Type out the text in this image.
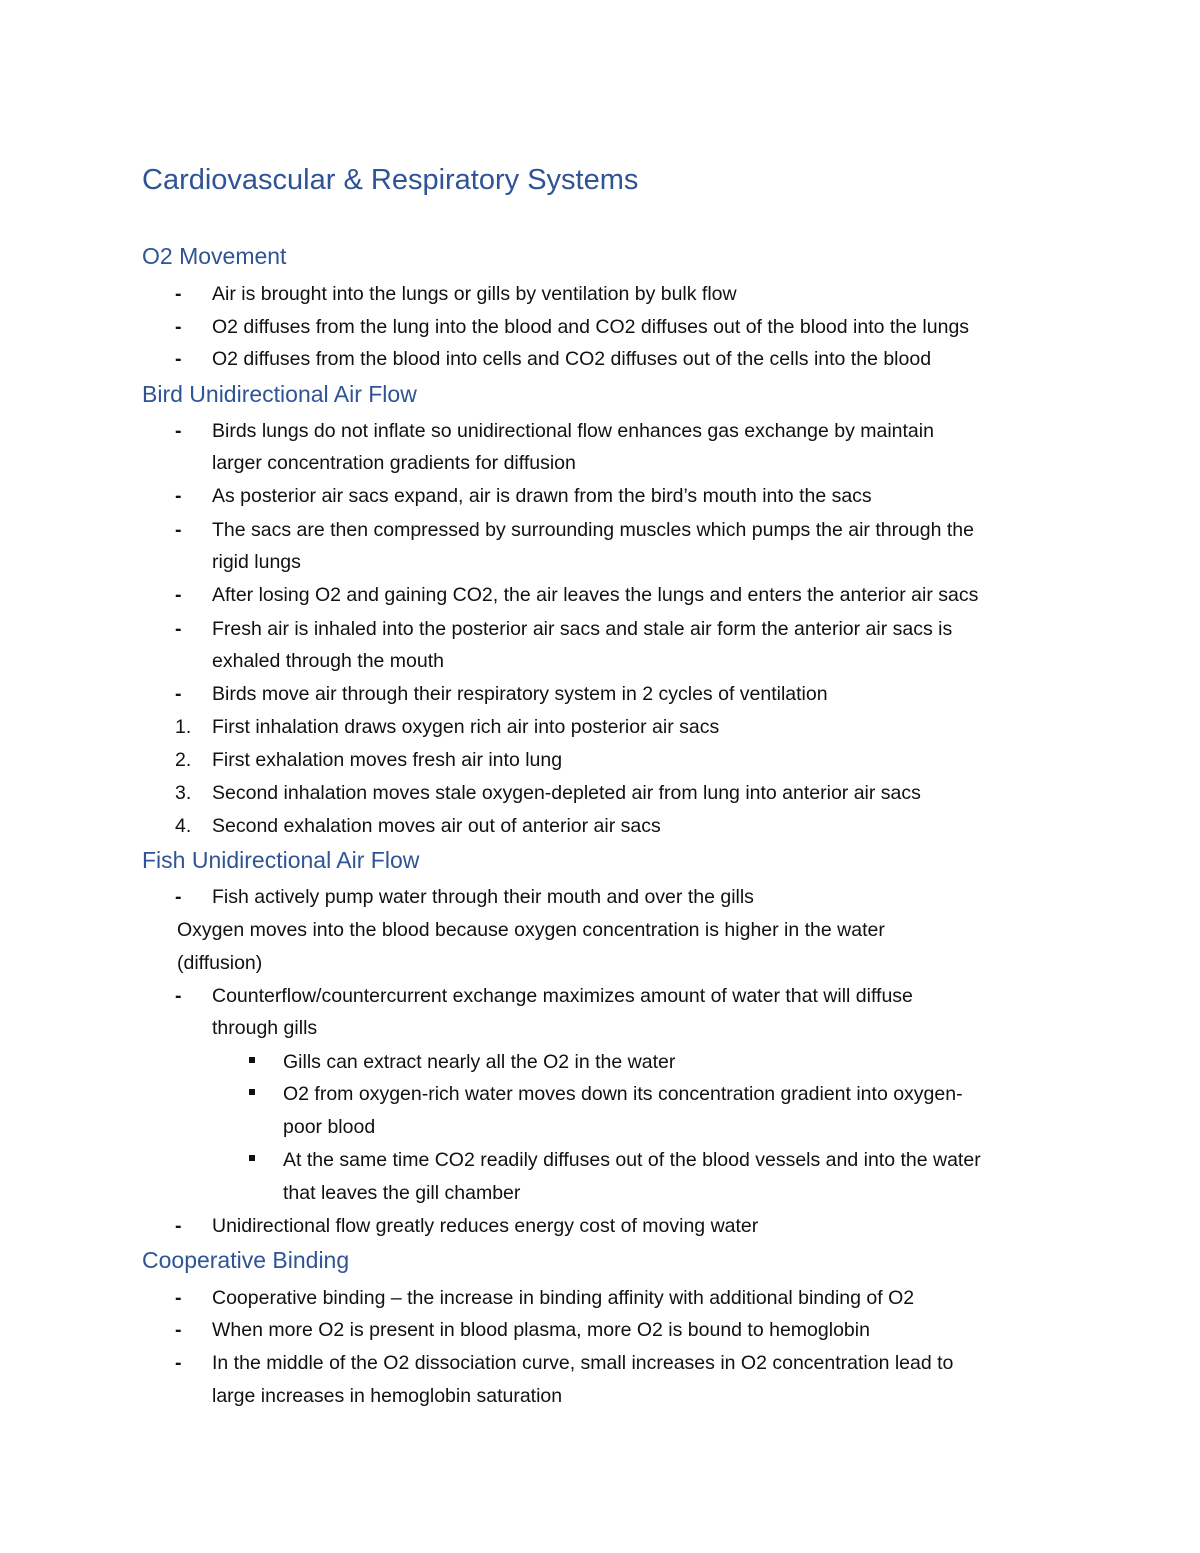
Cardiovascular & Respiratory Systems
O2 Movement
- Air is brought into the lungs or gills by ventilation by bulk flow
- O2 diffuses from the lung into the blood and CO2 diffuses out of the blood into the lungs
- O2 diffuses from the blood into cells and CO2 diffuses out of the cells into the blood
Bird Unidirectional Air Flow
- Birds lungs do not inflate so unidirectional flow enhances gas exchange by maintain
larger concentration gradients for diffusion
- As posterior air sacs expand, air is drawn from the bird’s mouth into the sacs
- The sacs are then compressed by surrounding muscles which pumps the air through the
rigid lungs
- After losing O2 and gaining CO2, the air leaves the lungs and enters the anterior air sacs
- Fresh air is inhaled into the posterior air sacs and stale air form the anterior air sacs is
exhaled through the mouth
- Birds move air through their respiratory system in 2 cycles of ventilation
1. First inhalation draws oxygen rich air into posterior air sacs
2. First exhalation moves fresh air into lung
3. Second inhalation moves stale oxygen-depleted air from lung into anterior air sacs
4. Second exhalation moves air out of anterior air sacs
Fish Unidirectional Air Flow
- Fish actively pump water through their mouth and over the gills
Oxygen moves into the blood because oxygen concentration is higher in the water
(diffusion)
- Counterflow/countercurrent exchange maximizes amount of water that will diffuse
through gills
Gills can extract nearly all the O2 in the water
O2 from oxygen-rich water moves down its concentration gradient into oxygen-
poor blood
At the same time CO2 readily diffuses out of the blood vessels and into the water
that leaves the gill chamber
- Unidirectional flow greatly reduces energy cost of moving water
Cooperative Binding
- Cooperative binding – the increase in binding affinity with additional binding of O2
- When more O2 is present in blood plasma, more O2 is bound to hemoglobin
- In the middle of the O2 dissociation curve, small increases in O2 concentration lead to
large increases in hemoglobin saturation
